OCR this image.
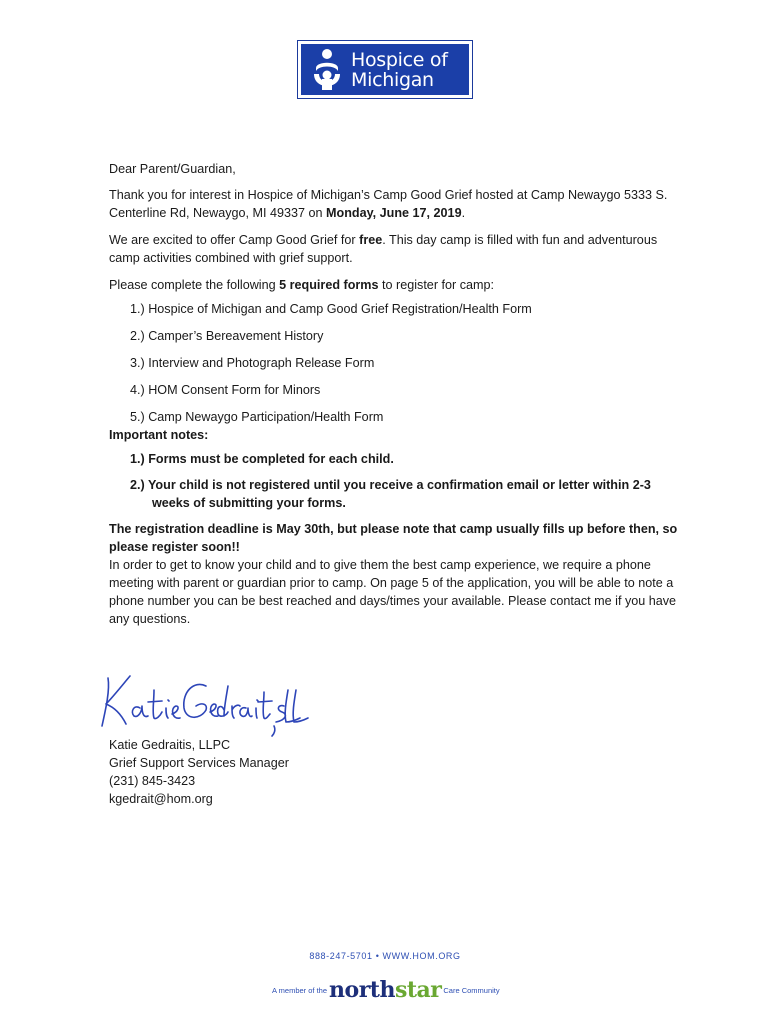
Hospice of
Michigan

Dear Parent/Guardian,

Thank you for interest in Hospice of Michigan’s Camp Good Grief hosted at Camp Newaygo 5333 S. Centerline Rd, Newaygo, MI 49337 on Monday, June 17, 2019.

We are excited to offer Camp Good Grief for free. This day camp is filled with fun and adventurous camp activities combined with grief support.

Please complete the following 5 required forms to register for camp:

1.) Hospice of Michigan and Camp Good Grief Registration/Health Form
2.) Camper’s Bereavement History
3.) Interview and Photograph Release Form
4.) HOM Consent Form for Minors
5.) Camp Newaygo Participation/Health Form

Important notes:

1.) Forms must be completed for each child.
2.) Your child is not registered until you receive a confirmation email or letter within 2-3 weeks of submitting your forms.

The registration deadline is May 30th, but please note that camp usually fills up before then, so please register soon!!

In order to get to know your child and to give them the best camp experience, we require a phone meeting with parent or guardian prior to camp. On page 5 of the application, you will be able to note a phone number you can be best reached and days/times your available. Please contact me if you have any questions.

Katie Gedraitis, LLPC
Grief Support Services Manager
(231) 845-3423
kgedrait@hom.org
888-247-5701 • WWW.HOM.ORG
A member of the northstar Care Community
